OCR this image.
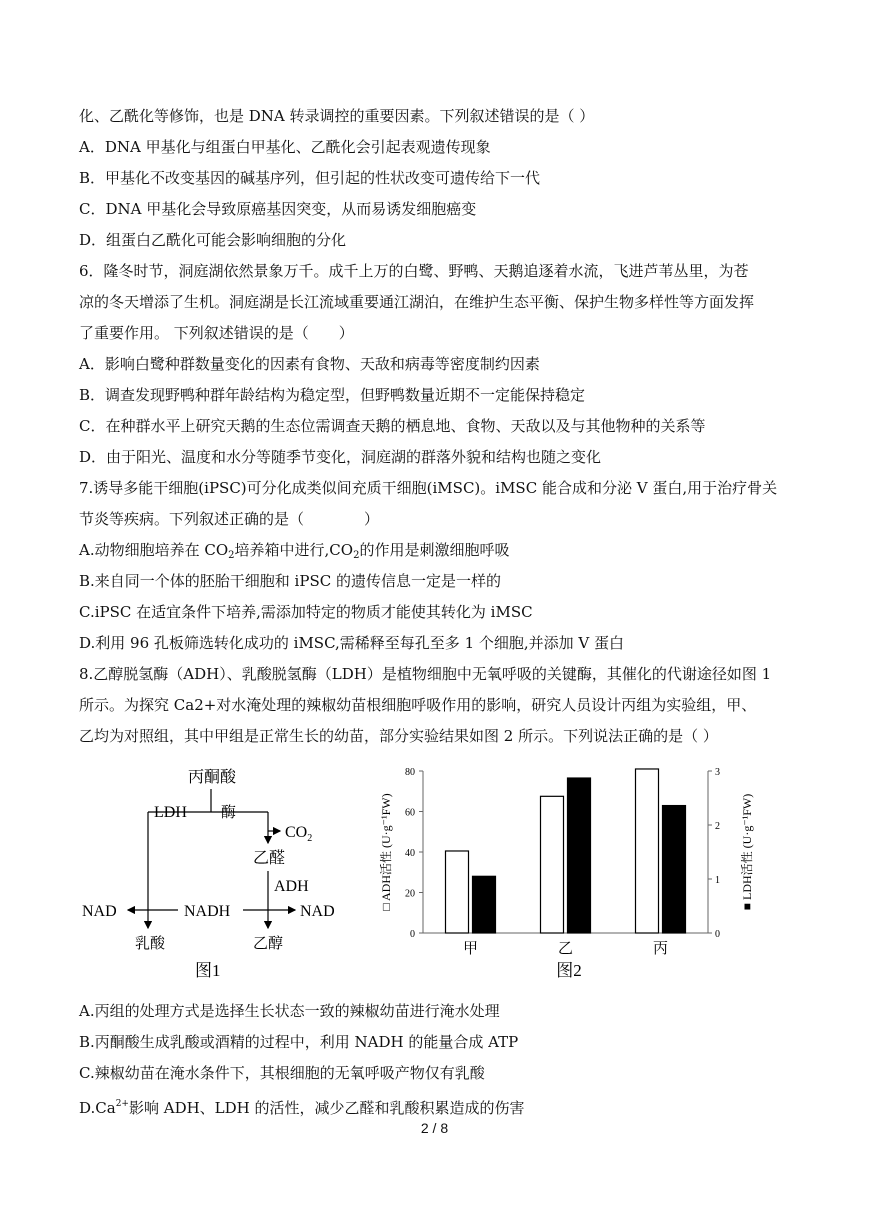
化、乙酰化等修饰，也是 DNA 转录调控的重要因素。下列叙述错误的是（ ）
A．DNA 甲基化与组蛋白甲基化、乙酰化会引起表观遗传现象
B．甲基化不改变基因的碱基序列，但引起的性状改变可遗传给下一代
C．DNA 甲基化会导致原癌基因突变，从而易诱发细胞癌变
D．组蛋白乙酰化可能会影响细胞的分化
6．隆冬时节，洞庭湖依然景象万千。成千上万的白鹭、野鸭、天鹅追逐着水流，飞进芦苇丛里，为苍
凉的冬天增添了生机。洞庭湖是长江流域重要通江湖泊，在维护生态平衡、保护生物多样性等方面发挥
了重要作用。 下列叙述错误的是（　　）
A．影响白鹭种群数量变化的因素有食物、天敌和病毒等密度制约因素
B．调查发现野鸭种群年龄结构为稳定型，但野鸭数量近期不一定能保持稳定
C．在种群水平上研究天鹅的生态位需调查天鹅的栖息地、食物、天敌以及与其他物种的关系等
D．由于阳光、温度和水分等随季节变化，洞庭湖的群落外貌和结构也随之变化
7.诱导多能干细胞(iPSC)可分化成类似间充质干细胞(iMSC)。iMSC 能合成和分泌 V 蛋白,用于治疗骨关
节炎等疾病。下列叙述正确的是（　　　　）
A.动物细胞培养在 $CO_2$培养箱中进行$,CO_2$的作用是刺激细胞呼吸
B.来自同一个体的胚胎干细胞和 iPSC 的遗传信息一定是一样的
C.iPSC 在适宜条件下培养,需添加特定的物质才能使其转化为 iMSC
D.利用 96 孔板筛选转化成功的 iMSC,需稀释至每孔至多 1 个细胞,并添加 V 蛋白
8.乙醇脱氢酶（ADH）、乳酸脱氢酶（LDH）是植物细胞中无氧呼吸的关键酶，其催化的代谢途径如图 1
所示。为探究 Ca2+对水淹处理的辣椒幼苗根细胞呼吸作用的影响，研究人员设计丙组为实验组，甲、
乙均为对照组，其中甲组是正常生长的幼苗，部分实验结果如图 2 所示。下列说法正确的是（ ）
丙酮酸
LDH 酶
$CO_2$
乙醛
ADH
NAD	NADH	NAD
乳酸	乙醇
图1
0
20
40
60
80
0
1
2
3
甲	乙	丙
□ ADH活性 (U·g⁻¹FW)
■ LDH活性 (U·g⁻¹FW)
图2
A.丙组的处理方式是选择生长状态一致的辣椒幼苗进行淹水处理
B.丙酮酸生成乳酸或酒精的过程中，利用 NADH 的能量合成 ATP
C.辣椒幼苗在淹水条件下，其根细胞的无氧呼吸产物仅有乳酸
$D.Ca^{2+}$影响 ADH、LDH 的活性，减少乙醛和乳酸积累造成的伤害
2 / 8
